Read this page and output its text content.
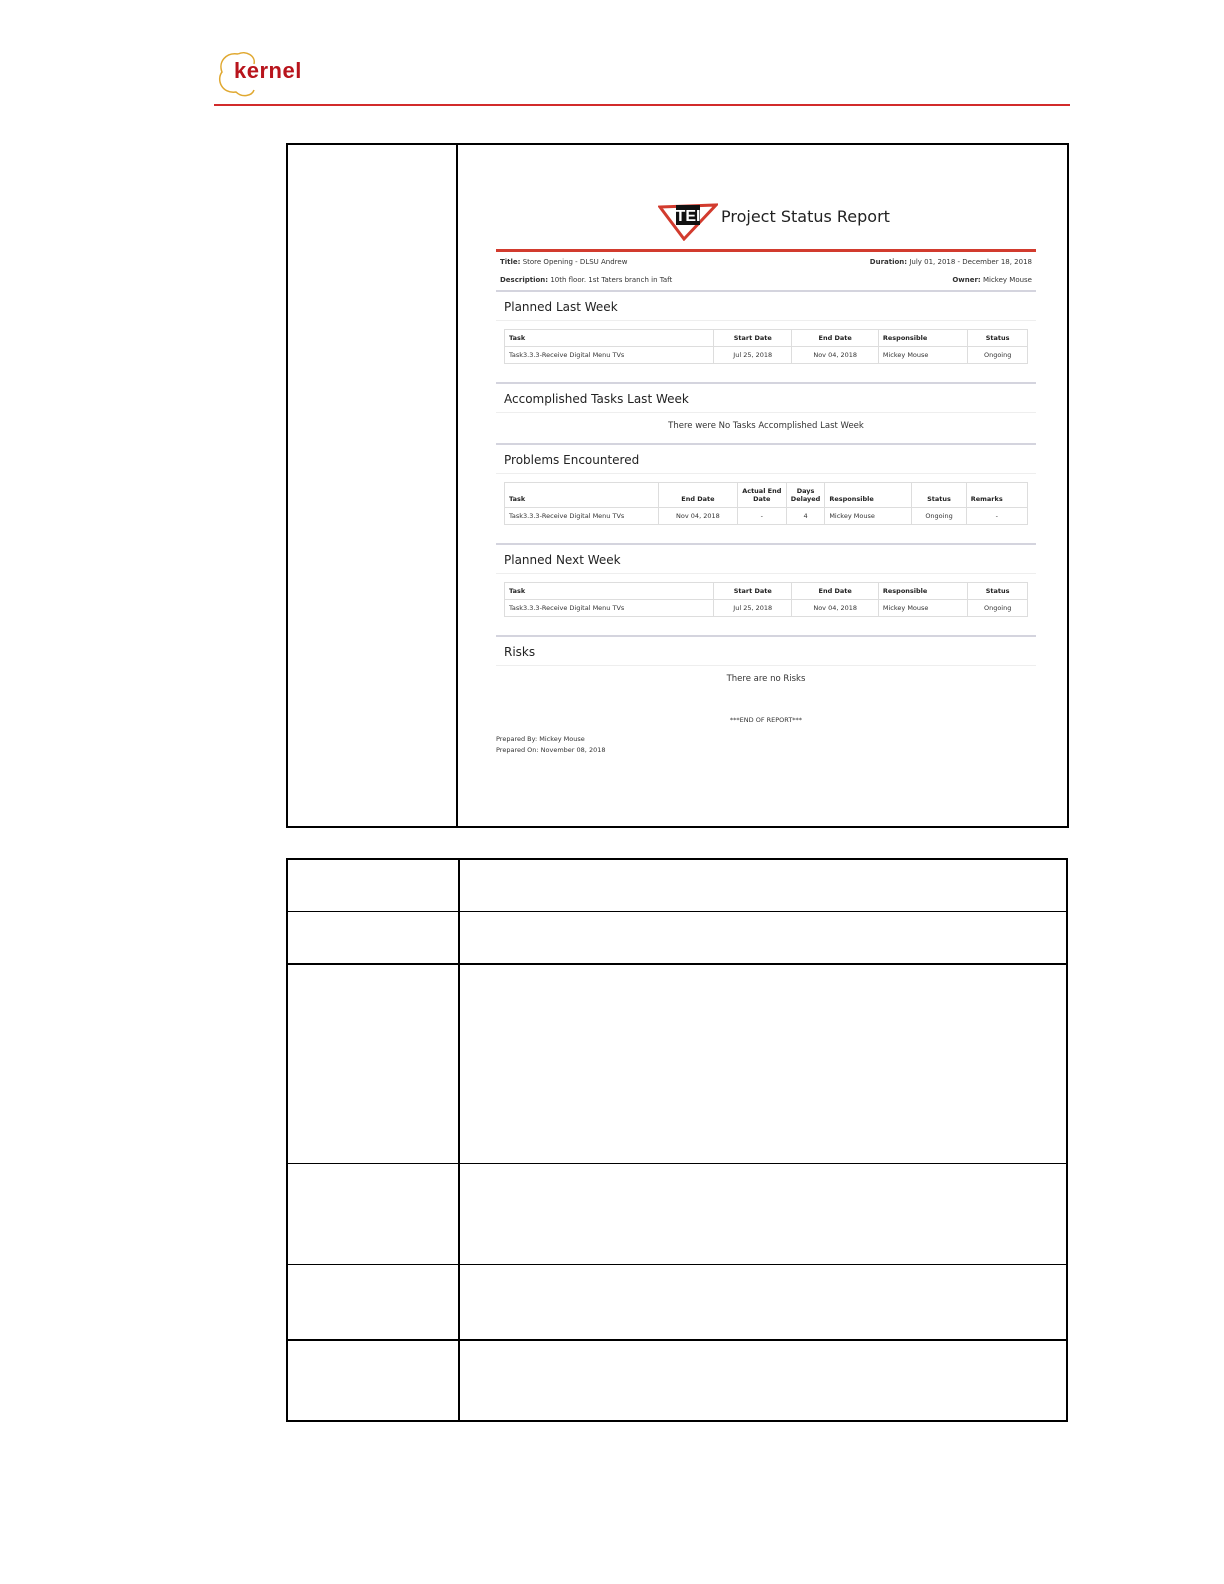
kernel
TEI Project Status Report
Title: Store Opening - DLSU Andrew	Duration: July 01, 2018 - December 18, 2018
Description: 10th floor. 1st Taters branch in Taft	Owner: Mickey Mouse
Planned Last Week
Task	Start Date	End Date	Responsible	Status
Task3.3.3-Receive Digital Menu TVs	Jul 25, 2018	Nov 04, 2018	Mickey Mouse	Ongoing
Accomplished Tasks Last Week
There were No Tasks Accomplished Last Week
Problems Encountered
Task	End Date	Actual End Date	Days Delayed	Responsible	Status	Remarks
Task3.3.3-Receive Digital Menu TVs	Nov 04, 2018	-	4	Mickey Mouse	Ongoing	-
Planned Next Week
Task	Start Date	End Date	Responsible	Status
Task3.3.3-Receive Digital Menu TVs	Jul 25, 2018	Nov 04, 2018	Mickey Mouse	Ongoing
Risks
There are no Risks
***END OF REPORT***
Prepared By: Mickey Mouse
Prepared On: November 08, 2018
